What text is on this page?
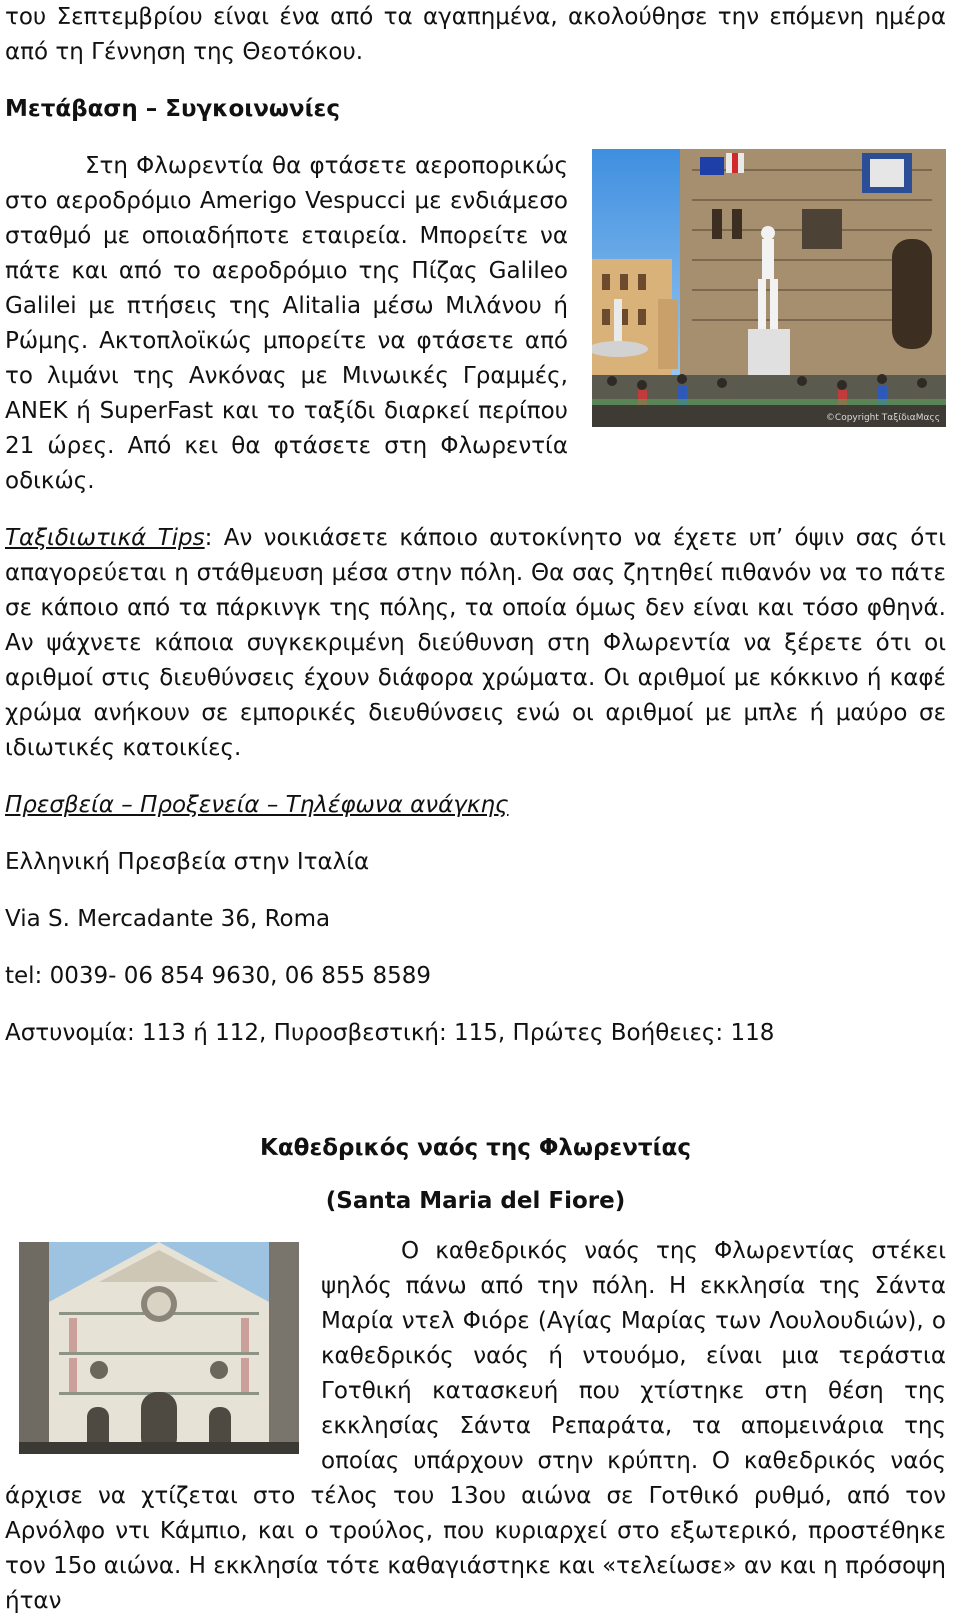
του Σεπτεμβρίου είναι ένα από τα αγαπημένα, ακολούθησε την επόμενη ημέρα από τη Γέννηση της Θεοτόκου.

Μετάβαση – Συγκοινωνίες
©Copyright ΤαξίδιαΜαςς

Στη Φλωρεντία θα φτάσετε αεροπορικώς στο αεροδρόμιο Amerigo Vespucci με ενδιάμεσο σταθμό με οποιαδήποτε εταιρεία. Μπορείτε να πάτε και από το αεροδρόμιο της Πίζας Galileo Galilei με πτήσεις της Alitalia μέσω Μιλάνου ή Ρώμης. Ακτοπλοϊκώς μπορείτε να φτάσετε από το λιμάνι της Ανκόνας με Μινωικές Γραμμές, ΑΝΕΚ ή SuperFast και το ταξίδι διαρκεί περίπου 21 ώρες. Από κει θα φτάσετε στη Φλωρεντία οδικώς.

Ταξιδιωτικά Tips: Αν νοικιάσετε κάποιο αυτοκίνητο να έχετε υπ’ όψιν σας ότι απαγορεύεται η στάθμευση μέσα στην πόλη. Θα σας ζητηθεί πιθανόν να το πάτε σε κάποιο από τα πάρκινγκ της πόλης, τα οποία όμως δεν είναι και τόσο φθηνά. Αν ψάχνετε κάποια συγκεκριμένη διεύθυνση στη Φλωρεντία να ξέρετε ότι οι αριθμοί στις διευθύνσεις έχουν διάφορα χρώματα. Οι αριθμοί με κόκκινο ή καφέ χρώμα ανήκουν σε εμπορικές διευθύνσεις ενώ οι αριθμοί με μπλε ή μαύρο σε ιδιωτικές κατοικίες.

Πρεσβεία – Προξενεία – Τηλέφωνα ανάγκης

Ελληνική Πρεσβεία στην Ιταλία

Via S. Mercadante 36, Roma

tel: 0039- 06 854 9630, 06 855 8589

Αστυνομία: 113 ή 112, Πυροσβεστική: 115, Πρώτες Βοήθειες: 118

Καθεδρικός ναός της Φλωρεντίας

(Santa Maria del Fiore)

Ο καθεδρικός ναός της Φλωρεντίας στέκει ψηλός πάνω από την πόλη. Η εκκλησία της Σάντα Μαρία ντελ Φιόρε (Αγίας Μαρίας των Λουλουδιών), ο καθεδρικός ναός ή ντουόμο, είναι μια τεράστια Γοτθική κατασκευή που χτίστηκε στη θέση της εκκλησίας Σάντα Ρεπαράτα, τα απομεινάρια της οποίας υπάρχουν στην κρύπτη. Ο καθεδρικός ναός άρχισε να χτίζεται στο τέλος του 13ου αιώνα σε Γοτθικό ρυθμό, από τον Αρνόλφο ντι Κάμπιο, και ο τρούλος, που κυριαρχεί στο εξωτερικό, προστέθηκε τον 15ο αιώνα. Η εκκλησία τότε καθαγιάστηκε και «τελείωσε» αν και η πρόσοψη ήταν
